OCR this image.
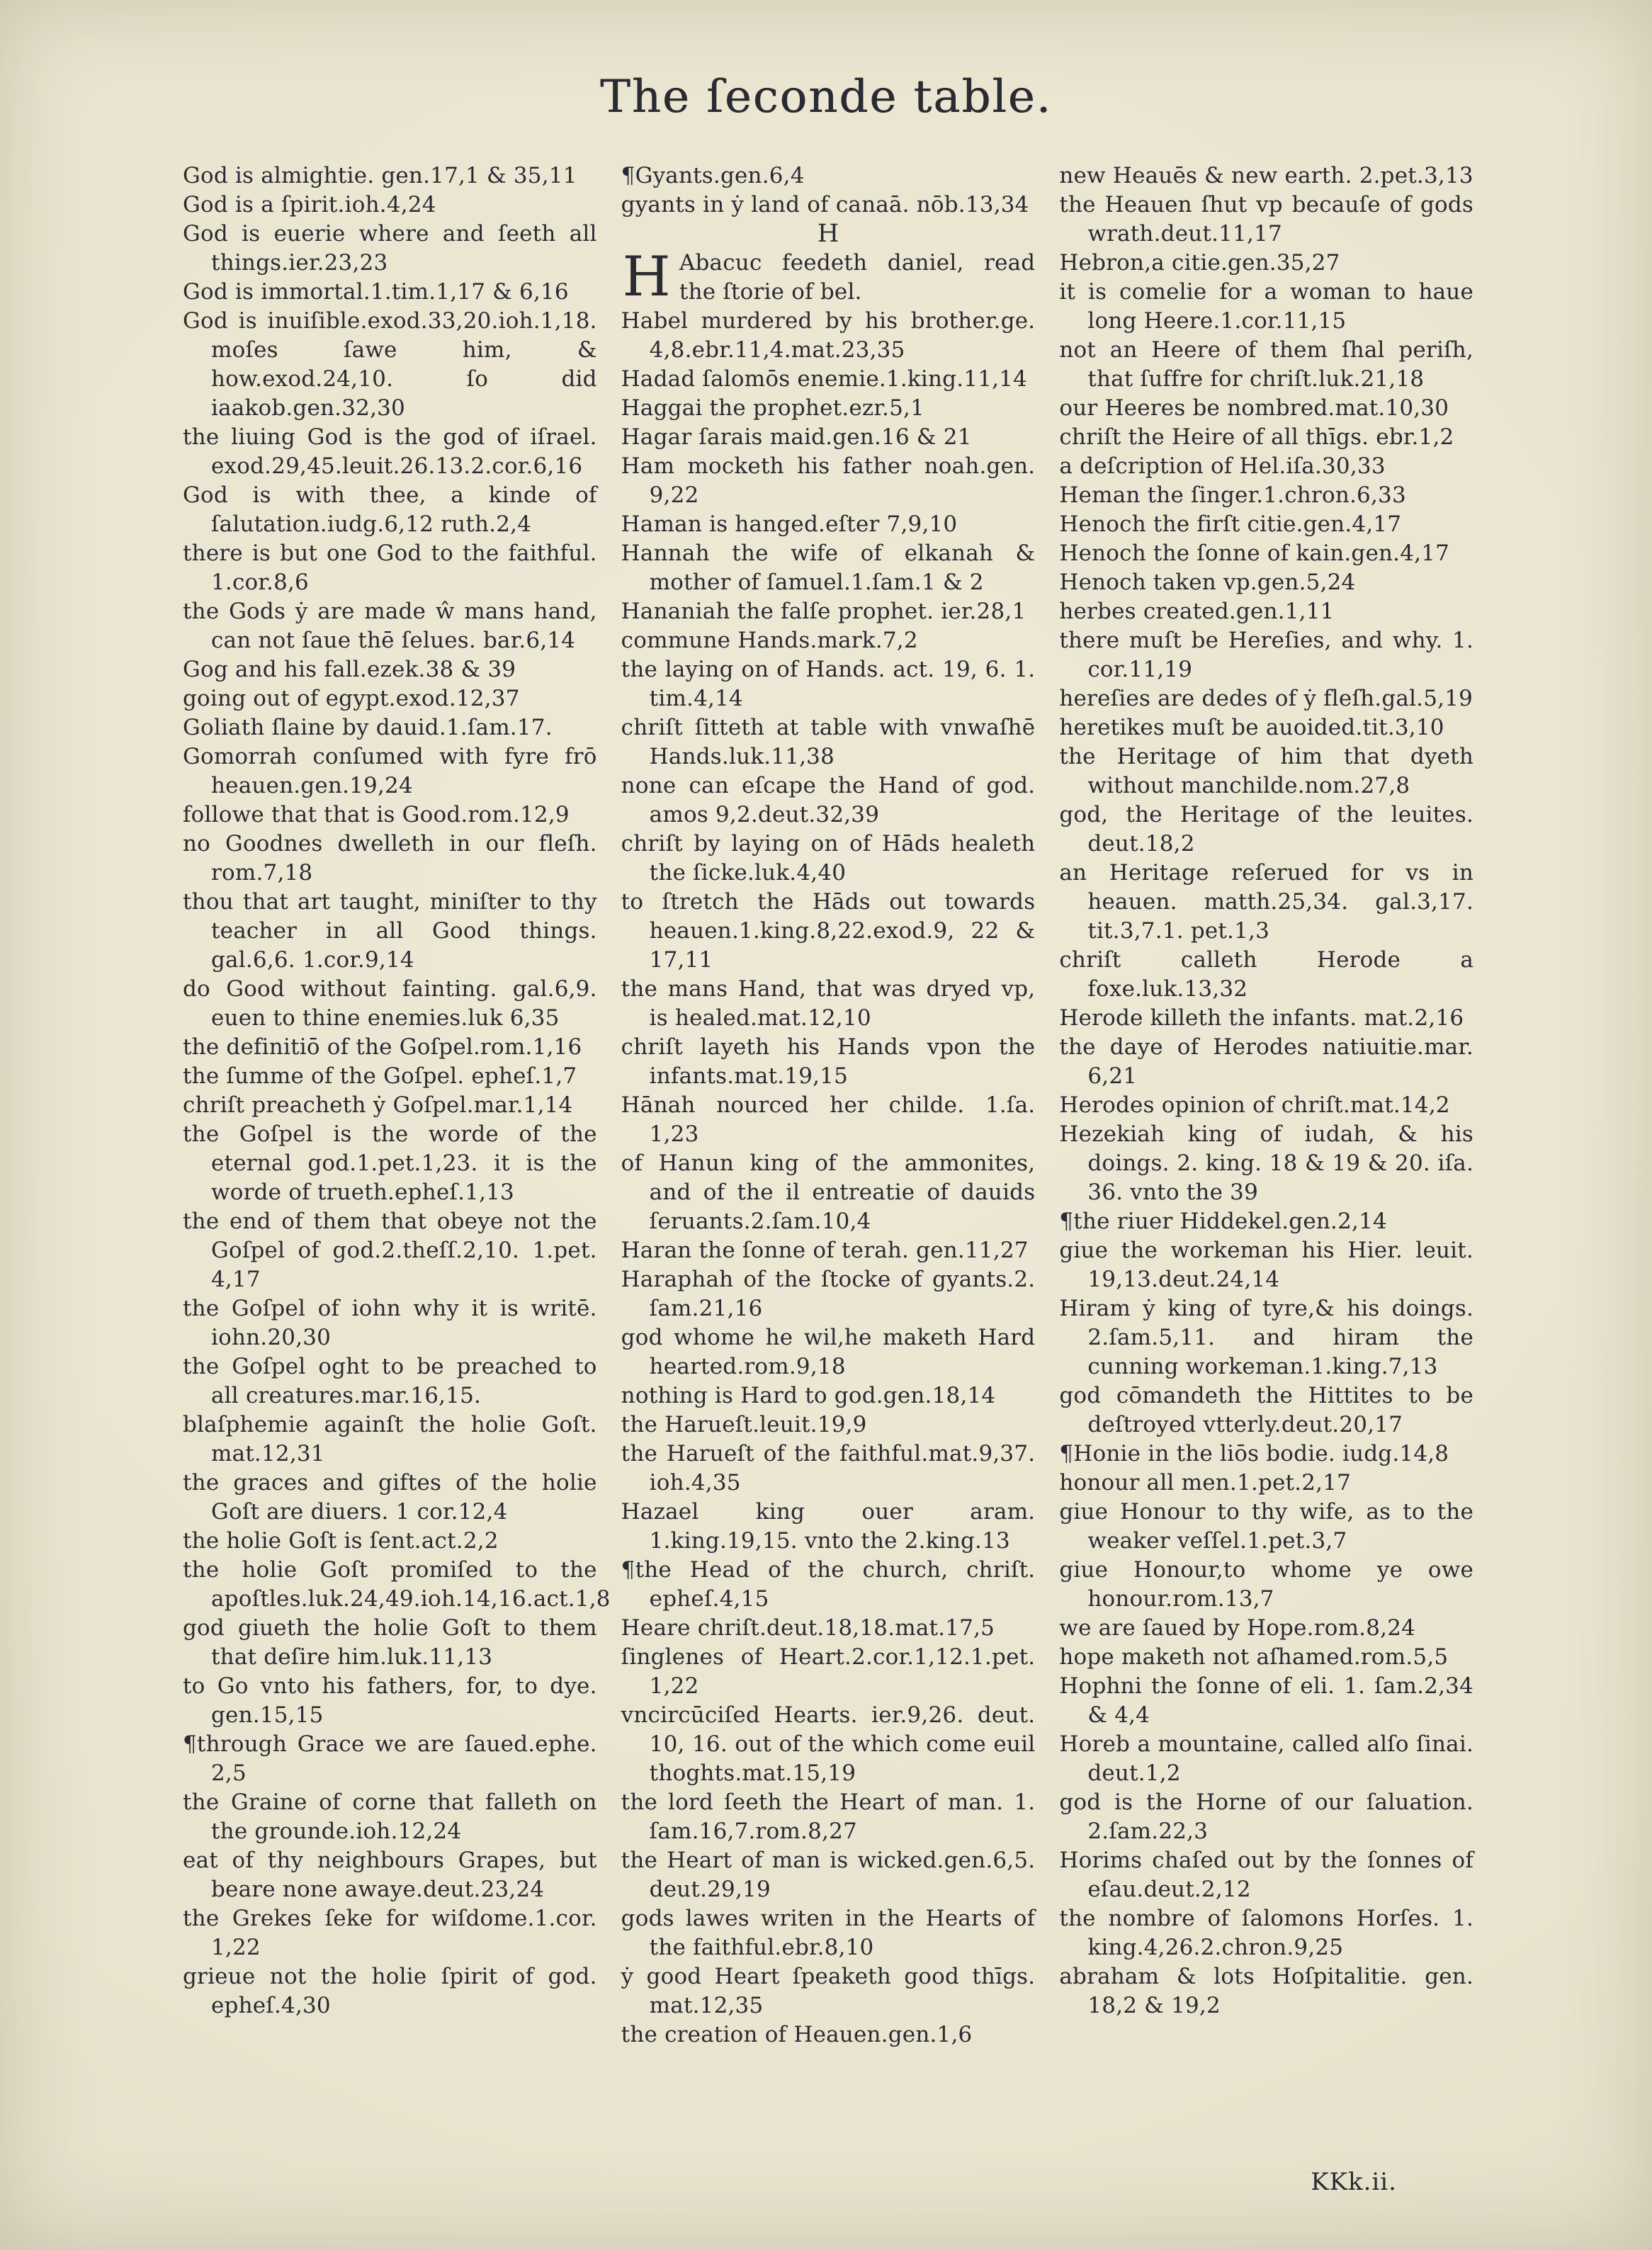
The ſeconde table.

God is almightie. gen.17,1 & 35,11

God is a ſpirit.ioh.4,24

God is euerie where and ſeeth all things.ier.23,23

God is immortal.1.tim.1,17 & 6,16

God is inuiſible.exod.33,20.ioh.1,18. moſes ſawe him, & how.exod.24,10. ſo did iaakob.gen.32,30

the liuing God is the god of iſrael. exod.29,45.leuit.26.13.2.cor.6,16

God is with thee, a kinde of ſalutation.iudg.6,12 ruth.2,4

there is but one God to the faithful. 1.cor.8,6

the Gods ẏ are made ŵ mans hand, can not ſaue thē ſelues. bar.6,14

Gog and his fall.ezek.38 & 39

going out of egypt.exod.12,37

Goliath ſlaine by dauid.1.ſam.17.

Gomorrah conſumed with fyre frō heauen.gen.19,24

followe that that is Good.rom.12,9

no Goodnes dwelleth in our fleſh. rom.7,18

thou that art taught, miniſter to thy teacher in all Good things. gal.6,6. 1.cor.9,14

do Good without fainting. gal.6,9. euen to thine enemies.luk 6,35

the definitiō of the Goſpel.rom.1,16

the ſumme of the Goſpel. epheſ.1,7

chriſt preacheth ẏ Goſpel.mar.1,14

the Goſpel is the worde of the eternal god.1.pet.1,23. it is the worde of trueth.epheſ.1,13

the end of them that obeye not the Goſpel of god.2.theſſ.2,10. 1.pet. 4,17

the Goſpel of iohn why it is writē. iohn.20,30

the Goſpel oght to be preached to all creatures.mar.16,15.

blaſphemie againſt the holie Goſt. mat.12,31

the graces and giftes of the holie Goſt are diuers. 1 cor.12,4

the holie Goſt is ſent.act.2,2

the holie Goſt promiſed to the apoſtles.luk.24,49.ioh.14,16.act.1,8

god giueth the holie Goſt to them that deſire him.luk.11,13

to Go vnto his fathers, for, to dye. gen.15,15

¶through Grace we are ſaued.ephe. 2,5

the Graine of corne that falleth on the grounde.ioh.12,24

eat of thy neighbours Grapes, but beare none awaye.deut.23,24

the Grekes ſeke for wiſdome.1.cor. 1,22

grieue not the holie ſpirit of god. epheſ.4,30

¶Gyants.gen.6,4

gyants in ẏ land of canaā. nōb.13,34

H

H Abacuc feedeth daniel, read the ſtorie of bel.

Habel murdered by his brother.ge. 4,8.ebr.11,4.mat.23,35

Hadad ſalomōs enemie.1.king.11,14

Haggai the prophet.ezr.5,1

Hagar ſarais maid.gen.16 & 21

Ham mocketh his father noah.gen. 9,22

Haman is hanged.eſter 7,9,10

Hannah the wife of elkanah & mother of ſamuel.1.ſam.1 & 2

Hananiah the falſe prophet. ier.28,1

commune Hands.mark.7,2

the laying on of Hands. act. 19, 6. 1. tim.4,14

chriſt ſitteth at table with vnwaſhē Hands.luk.11,38

none can eſcape the Hand of god. amos 9,2.deut.32,39

chriſt by laying on of Hāds healeth the ſicke.luk.4,40

to ſtretch the Hāds out towards heauen.1.king.8,22.exod.9, 22 & 17,11

the mans Hand, that was dryed vp, is healed.mat.12,10

chriſt layeth his Hands vpon the infants.mat.19,15

Hānah nourced her childe. 1.ſa. 1,23

of Hanun king of the ammonites, and of the il entreatie of dauids ſeruants.2.ſam.10,4

Haran the ſonne of terah. gen.11,27

Haraphah of the ſtocke of gyants.2. ſam.21,16

god whome he wil,he maketh Hard hearted.rom.9,18

nothing is Hard to god.gen.18,14

the Harueſt.leuit.19,9

the Harueſt of the faithful.mat.9,37. ioh.4,35

Hazael king ouer aram. 1.king.19,15. vnto the 2.king.13

¶the Head of the church, chriſt. epheſ.4,15

Heare chriſt.deut.18,18.mat.17,5

ſinglenes of Heart.2.cor.1,12.1.pet. 1,22

vncircūciſed Hearts. ier.9,26. deut. 10, 16. out of the which come euil thoghts.mat.15,19

the lord ſeeth the Heart of man. 1. ſam.16,7.rom.8,27

the Heart of man is wicked.gen.6,5. deut.29,19

gods lawes writen in the Hearts of the faithful.ebr.8,10

ẏ good Heart ſpeaketh good thīgs. mat.12,35

the creation of Heauen.gen.1,6

new Heauēs & new earth. 2.pet.3,13

the Heauen ſhut vp becauſe of gods wrath.deut.11,17

Hebron,a citie.gen.35,27

it is comelie for a woman to haue long Heere.1.cor.11,15

not an Heere of them ſhal periſh, that ſuffre for chriſt.luk.21,18

our Heeres be nombred.mat.10,30

chriſt the Heire of all thīgs. ebr.1,2

a deſcription of Hel.iſa.30,33

Heman the ſinger.1.chron.6,33

Henoch the firſt citie.gen.4,17

Henoch the ſonne of kain.gen.4,17

Henoch taken vp.gen.5,24

herbes created.gen.1,11

there muſt be Hereſies, and why. 1. cor.11,19

hereſies are dedes of ẏ fleſh.gal.5,19

heretikes muſt be auoided.tit.3,10

the Heritage of him that dyeth without manchilde.nom.27,8

god, the Heritage of the leuites. deut.18,2

an Heritage reſerued for vs in heauen. matth.25,34. gal.3,17. tit.3,7.1. pet.1,3

chriſt calleth Herode a foxe.luk.13,32

Herode killeth the infants. mat.2,16

the daye of Herodes natiuitie.mar. 6,21

Herodes opinion of chriſt.mat.14,2

Hezekiah king of iudah, & his doings. 2. king. 18 & 19 & 20. iſa. 36. vnto the 39

¶the riuer Hiddekel.gen.2,14

giue the workeman his Hier. leuit. 19,13.deut.24,14

Hiram ẏ king of tyre,& his doings. 2.ſam.5,11. and hiram the cunning workeman.1.king.7,13

god cōmandeth the Hittites to be deſtroyed vtterly.deut.20,17

¶Honie in the liōs bodie. iudg.14,8

honour all men.1.pet.2,17

giue Honour to thy wife, as to the weaker veſſel.1.pet.3,7

giue Honour,to whome ye owe honour.rom.13,7

we are ſaued by Hope.rom.8,24

hope maketh not aſhamed.rom.5,5

Hophni the ſonne of eli. 1. ſam.2,34 & 4,4

Horeb a mountaine, called alſo ſinai. deut.1,2

god is the Horne of our ſaluation. 2.ſam.22,3

Horims chaſed out by the ſonnes of eſau.deut.2,12

the nombre of ſalomons Horſes. 1. king.4,26.2.chron.9,25

abraham & lots Hoſpitalitie. gen. 18,2 & 19,2

KKk.ii.
